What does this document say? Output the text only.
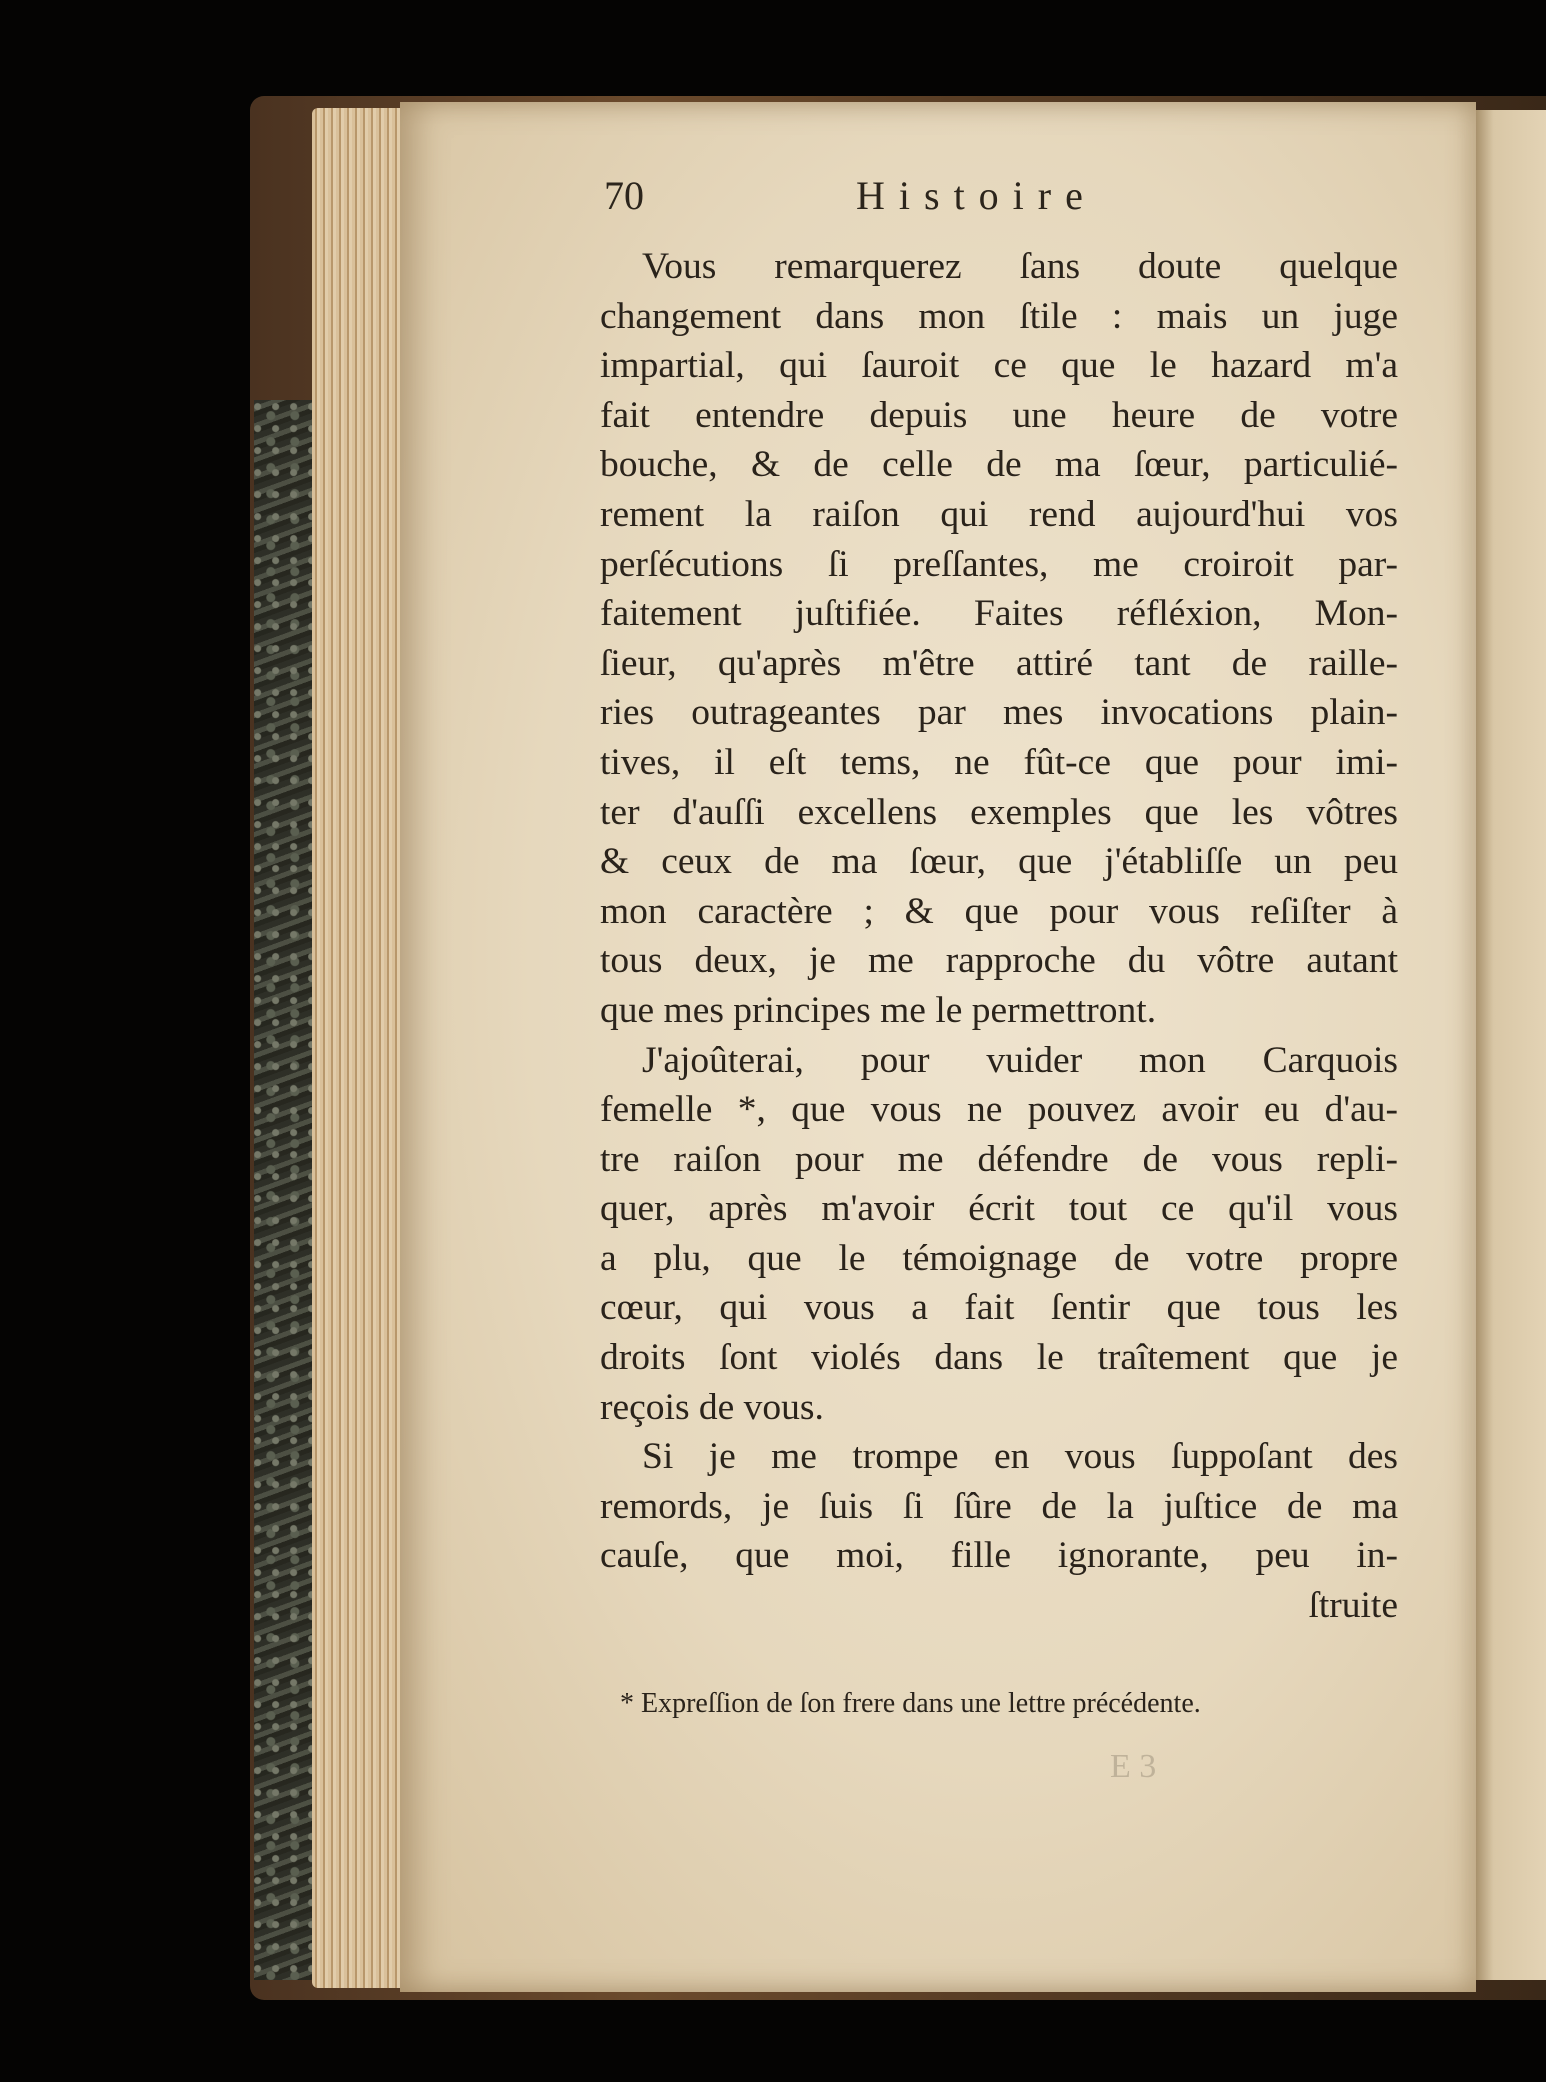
70	Histoire
Vous remarquerez ſans doute quelque
changement dans mon ſtile : mais un juge
impartial, qui ſauroit ce que le hazard m'a
fait entendre depuis une heure de votre
bouche, & de celle de ma ſœur, particulié-
rement la raiſon qui rend aujourd'hui vos
perſécutions ſi preſſantes, me croiroit par-
faitement juſtifiée. Faites réfléxion, Mon-
ſieur, qu'après m'être attiré tant de raille-
ries outrageantes par mes invocations plain-
tives, il eſt tems, ne fût-ce que pour imi-
ter d'auſſi excellens exemples que les vôtres
& ceux de ma ſœur, que j'établiſſe un peu
mon caractère ; & que pour vous reſiſter à
tous deux, je me rapproche du vôtre autant
que mes principes me le permettront.
J'ajoûterai, pour vuider mon Carquois
femelle *, que vous ne pouvez avoir eu d'au-
tre raiſon pour me défendre de vous repli-
quer, après m'avoir écrit tout ce qu'il vous
a plu, que le témoignage de votre propre
cœur, qui vous a fait ſentir que tous les
droits ſont violés dans le traîtement que je
reçois de vous.
Si je me trompe en vous ſuppoſant des
remords, je ſuis ſi ſûre de la juſtice de ma
cauſe, que moi, fille ignorante, peu in-
ſtruite
* Expreſſion de ſon frere dans une lettre précédente.
E 3
